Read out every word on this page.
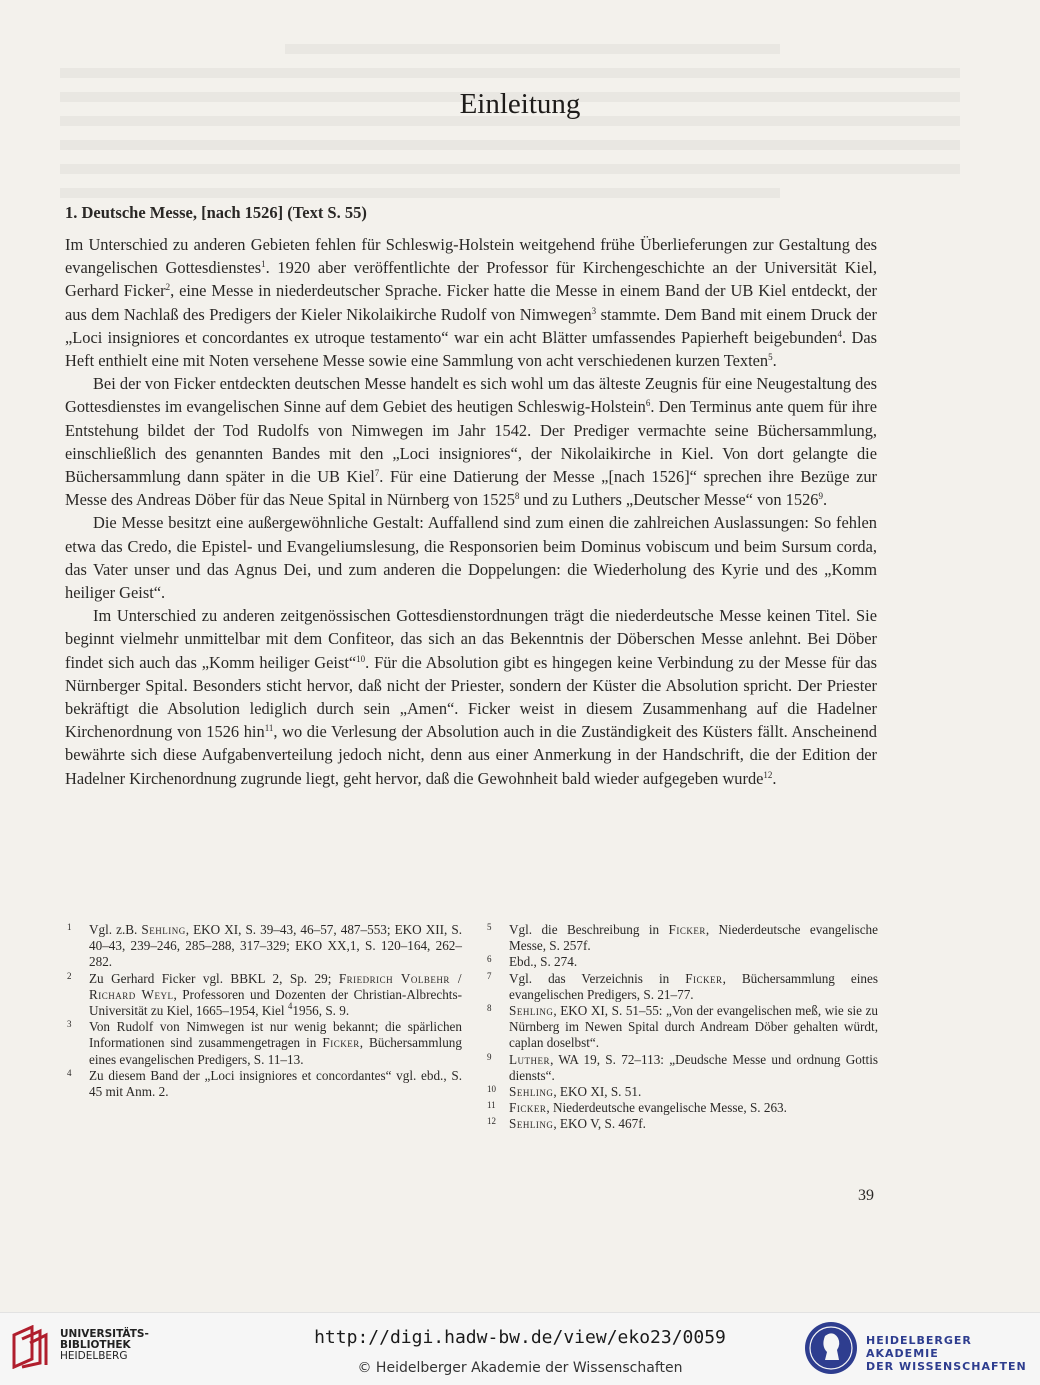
Einleitung
1. Deutsche Messe, [nach 1526] (Text S. 55)

Im Unterschied zu anderen Gebieten fehlen für Schleswig-Holstein weitgehend frühe Überlieferungen zur Gestaltung des evangelischen Gottesdienstes$^1$. 1920 aber veröffentlichte der Professor für Kirchengeschichte an der Universität Kiel, Gerhard Ficker$^2$, eine Messe in niederdeutscher Sprache. Ficker hatte die Messe in einem Band der UB Kiel entdeckt, der aus dem Nachlaß des Predigers der Kieler Nikolaikirche Rudolf von Nimwegen$^3$ stammte. Dem Band mit einem Druck der „Loci insigniores et concordantes ex utroque testamento“ war ein acht Blätter umfassendes Papierheft beigebunden$^4$. Das Heft enthielt eine mit Noten versehene Messe sowie eine Sammlung von acht verschiedenen kurzen Texten$^5$.

Bei der von Ficker entdeckten deutschen Messe handelt es sich wohl um das älteste Zeugnis für eine Neugestaltung des Gottesdienstes im evangelischen Sinne auf dem Gebiet des heutigen Schleswig-Holstein$^6$. Den Terminus ante quem für ihre Entstehung bildet der Tod Rudolfs von Nimwegen im Jahr 1542. Der Prediger vermachte seine Büchersammlung, einschließlich des genannten Bandes mit den „Loci insigniores“, der Nikolaikirche in Kiel. Von dort gelangte die Büchersammlung dann später in die UB Kiel$^7$. Für eine Datierung der Messe „[nach 1526]“ sprechen ihre Bezüge zur Messe des Andreas Döber für das Neue Spital in Nürnberg von 1525$^8$ und zu Luthers „Deutscher Messe“ von 1526$^9$.

Die Messe besitzt eine außergewöhnliche Gestalt: Auffallend sind zum einen die zahlreichen Auslassungen: So fehlen etwa das Credo, die Epistel- und Evangeliumslesung, die Responsorien beim Dominus vobiscum und beim Sursum corda, das Vater unser und das Agnus Dei, und zum anderen die Doppelungen: die Wiederholung des Kyrie und des „Komm heiliger Geist“.

Im Unterschied zu anderen zeitgenössischen Gottesdienstordnungen trägt die niederdeutsche Messe keinen Titel. Sie beginnt vielmehr unmittelbar mit dem Confiteor, das sich an das Bekenntnis der Döberschen Messe anlehnt. Bei Döber findet sich auch das „Komm heiliger Geist“$^{10}$. Für die Absolution gibt es hingegen keine Verbindung zu der Messe für das Nürnberger Spital. Besonders sticht hervor, daß nicht der Priester, sondern der Küster die Absolution spricht. Der Priester bekräftigt die Absolution lediglich durch sein „Amen“. Ficker weist in diesem Zusammenhang auf die Hadelner Kirchenordnung von 1526 hin$^{11}$, wo die Verlesung der Absolution auch in die Zuständigkeit des Küsters fällt. Anscheinend bewährte sich diese Aufgabenverteilung jedoch nicht, denn aus einer Anmerkung in der Handschrift, die der Edition der Hadelner Kirchenordnung zugrunde liegt, geht hervor, daß die Gewohnheit bald wieder aufgegeben wurde$^{12}$.

1 Vgl. z.B. Sehling, EKO XI, S. 39–43, 46–57, 487–553; EKO XII, S. 40–43, 239–246, 285–288, 317–329; EKO XX,1, S. 120–164, 262–282.
2 Zu Gerhard Ficker vgl. BBKL 2, Sp. 29; Friedrich Volbehr / Richard Weyl, Professoren und Dozenten der Christian-Albrechts-Universität zu Kiel, 1665–1954, Kiel $^4$1956, S. 9.
3 Von Rudolf von Nimwegen ist nur wenig bekannt; die spärlichen Informationen sind zusammengetragen in Ficker, Büchersammlung eines evangelischen Predigers, S. 11–13.
4 Zu diesem Band der „Loci insigniores et concordantes“ vgl. ebd., S. 45 mit Anm. 2.
5 Vgl. die Beschreibung in Ficker, Niederdeutsche evangelische Messe, S. 257f.
6 Ebd., S. 274.
7 Vgl. das Verzeichnis in Ficker, Büchersammlung eines evangelischen Predigers, S. 21–77.
8 Sehling, EKO XI, S. 51–55: „Von der evangelischen meß, wie sie zu Nürnberg im Newen Spital durch Andream Döber gehalten würdt, caplan doselbst“.
9 Luther, WA 19, S. 72–113: „Deudsche Messe und ordnung Gottis diensts“.
10 Sehling, EKO XI, S. 51.
11 Ficker, Niederdeutsche evangelische Messe, S. 263.
12 Sehling, EKO V, S. 467f.
39
UNIVERSITÄTS-
BIBLIOTHEK
HEIDELBERG
http://digi.hadw-bw.de/view/eko23/0059
© Heidelberger Akademie der Wissenschaften
HEIDELBERGER AKADEMIE
DER WISSENSCHAFTEN
